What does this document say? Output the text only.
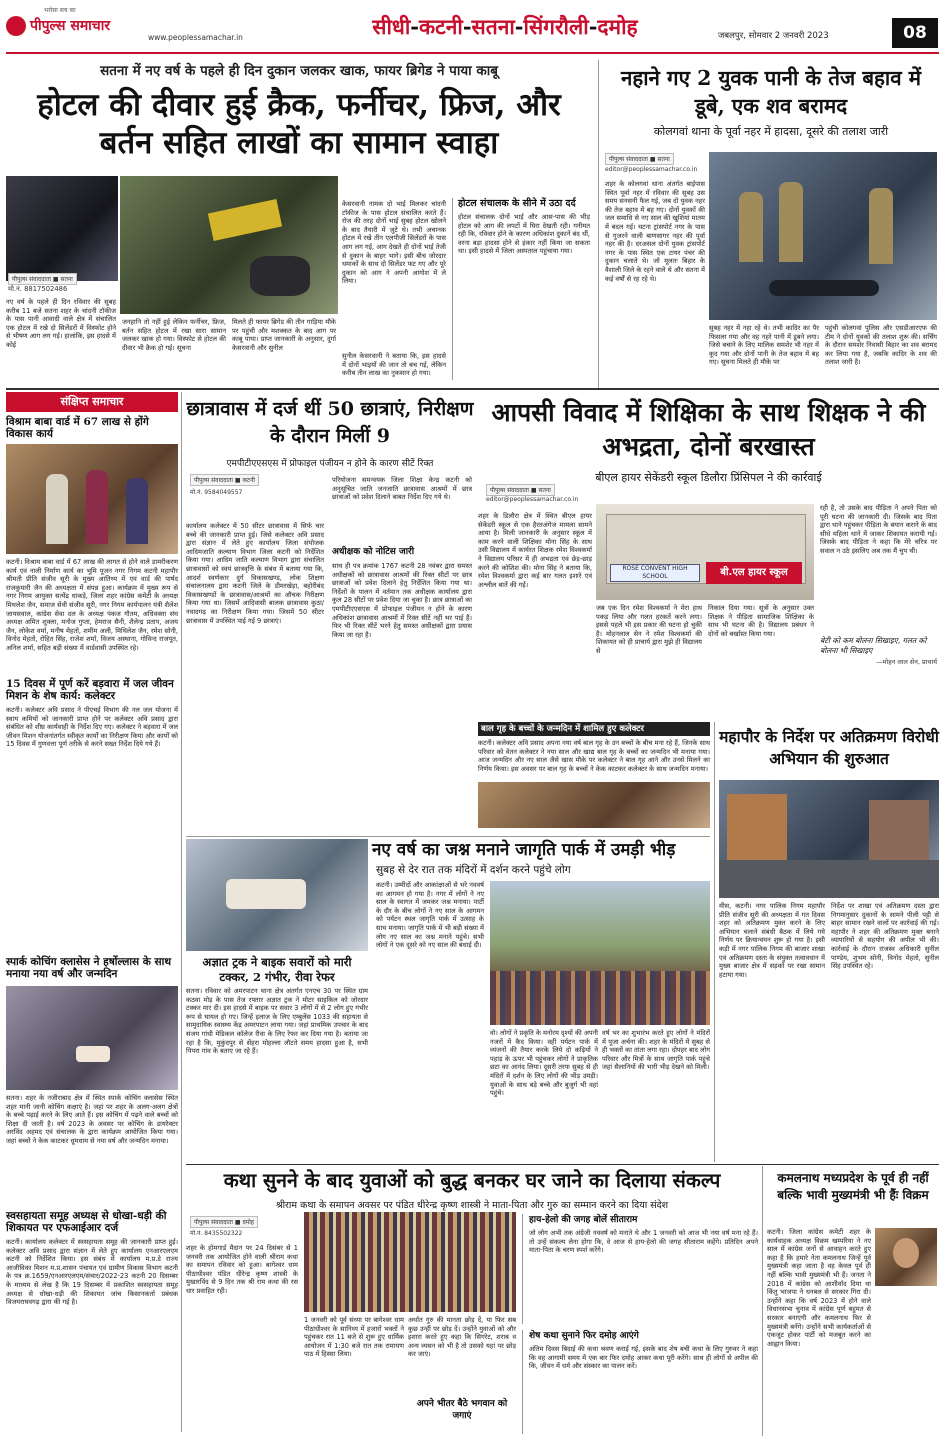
पीपुल्स समाचार
भरोसा सच का
www.peoplessamachar.in	सीधी-कटनी-सतना-सिंगरौली-दमोह	जबलपुर, सोमवार 2 जनवरी 2023	08
सतना में नए वर्ष के पहले ही दिन दुकान जलकर खाक, फायर ब्रिगेड ने पाया काबू
होटल की दीवार हुई क्रैक, फर्नीचर, फ्रिज, और बर्तन सहित लाखों का सामान स्वाहा
पीपुल्स संवाददाता ■ सतना
मो.नं. 8817502486
नए वर्ष के पहले ही दिन रविवार की सुबह करीब 11 बजे सतना शहर के चांदनी टॉकीज के पास पानी आवादी वाले क्षेत्र में संचालित एक होटल में रखे दो सिलेंडरों में विस्फोट होने से भीषण आग लग गई। हालांकि, इस हादसे में कोई
जनहानि तो नहीं हुई लेकिन फर्नीचर, फ्रिज, बर्तन सहित होटल में रखा सारा सामान जलकर खाक हो गया। विस्फोट से होटल की दीवार भी क्रैक हो गई। सूचना
मिलते ही फायर ब्रिगेड की तीन गाड़िया मौके पर पहुंची और मशक्कत के बाद आग पर काबू पाया। प्राप्त जानकारी के अनुसार, दुर्गा केसरवानी और सुनील
केसरवानी नामक दो भाई मिलकर चांदनी टॉकीज के पास होटल संचालित करते हैं। रोज की तरह दोनों भाई सुबह होटल खोलने के बाद तैयारी में जुटे थे। तभी अचानक होटल में रखे तीन एलपीजी सिलेंडरों के पास आग लग गई, आग देखते ही दोनों भाई तेजी से दुकान के बाहर भागे। इसी बीच जोरदार धमाकों के साथ दो सिलेंडर फट गए और पूरे दुकान को आग ने अपनी आगोश में ले लिया।
सुनील केसरवानी ने बताया कि, इस हादसे में दोनों भाइयों की जान तो बच गई, लेकिन करीब तीन लाख का नुकसान हो गया।
होटल संचालक के सीने में उठा दर्द
होटल संचालक दोनों भाई और आस-पास की भीड़ होटल को आग की लपटों में घिरा देखती रही। गनीमत रही कि, रविवार होने के कारण अधिकांश दुकानें बंद थीं, वरना बड़ा हादसा होने से इंकार नहीं किया जा सकता था। इसी हादसे में जिला अस्पताल पहुंचाया गया।
नहाने गए 2 युवक पानी के तेज बहाव में डूबे, एक शव बरामद
कोलगवां थाना के पूर्वा नहर में हादसा, दूसरे की तलाश जारी
पीपुल्स संवाददाता ■ सतना
editor@peoplessamachar.co.in
शहर के कोलगवां थाना अंतर्गत बाईपास स्थित पूर्वा नहर में रविवार की सुबह उस समय सनसनी फैल गई, जब दो युवक नहर की तेज बहाव में बह गए। दोनों युवकों की जल समाधि से नए साल की खुशियां मातम में बदल गई। घटना ट्रांसपोर्ट नगर के पास से गुजरने वाली बाणसागर नहर की पूर्वा नहर की है। दरअसल दोनों युवक ट्रांसपोर्ट नगर के पास स्थित एक टायर पंचर की दुकान चलाते थे। जो मूलतः बिहार के वैशाली जिले के रहने वाले थे और सतना में कई वर्षों से रह रहे थे।
सुबह नहर में नहा रहे थे। तभी कादिर का पैर फिसला गया और वह नहरे पानी में डूबने लगा। जिसे बचाने के लिए मालिक समशेर भी नहर में कूद गया और दोनों पानी के तेज बहाव में बह गए। सूचना मिलते ही मौके पर
पहुंची कोलगवां पुलिस और एसडीआरएफ की टीम ने दोनों युवकों की तलाश शुरू की। सर्चिंग के दौरान समशेर निवासी बिहार का शव बरामद कर लिया गया है, जबकि कादिर के शव की तलाश जारी है।
संक्षिप्त समाचार
विश्राम बाबा वार्ड में 67 लाख से होंगे विकास कार्य
कटनी। विश्राम बाबा वार्ड में 67 लाख की लागत से होने वाले डामरीकरण कार्य एवं नाली निर्माण कार्य का भूमि पूजन नगर निगम कटनी महापौर श्रीमती प्रीति संजीव सूरी के मुख्य आतिथ्य में एवं वार्ड की पार्षद राजकुमारी जैन की अध्यक्षता में संपन्न हुआ। कार्यक्रम में मुख्य रूप से नगर निगम आयुक्त सत्येंद्र धाकड़े, जिला शहर कांग्रेस कमेटी के अध्यक्ष मिथलेश जैन, समाज सेवी संजीव सूरी, नगर निगम कार्यपालन यंत्री शैलेश जायसवाल, कांग्रेस सेवा दल के अध्यक्ष पंकज गौतम, अधिवक्ता संघ अध्यक्ष अमित शुक्ला, मनोज गुप्ता, हेमराज सैनी, शैलेन्द्र प्रताप, अजय जैन, लोकेश वर्मा, मनीष मेहतो, शमीम अली, मिथिलेश जैन, रमेश सोनी, विनोद मेहतो, रोहित सिंह, राजेश शर्मा, विजय अस्थाना, गोविन्द राजपूत, अनिल शर्मा, सहित बड़ी संख्या में वार्डवासी उपस्थित रहे।
15 दिवस में पूर्ण करें बड़वारा में जल जीवन मिशन के शेष कार्य: कलेक्टर
कटनी। कलेक्टर अवि प्रसाद ने पीएचई विभाग की नल जल योजना में स्थाय कमियों को जानकारी प्राप्त होने पर कलेक्टर अवि प्रसाद द्वारा संबंधित को शीघ्र कार्यवाही के निर्देश दिए गए। कलेक्टर ने बड़वारा में जल जीवन मिशन योजनांतर्गत स्वीकृत कार्यों का निरीक्षण किया और कार्यों को 15 दिवस में गुणवत्ता पूर्ण तरीके से करने सख्त निर्देश दिये गये हैं।
स्पार्क कोचिंग क्लासेस ने हर्षोल्लास के साथ मनाया नया वर्ष और जन्मदिन
सतना। शहर के नजीराबाद क्षेत्र में स्थित स्पार्क कोचिंग क्लासेस स्थित शहर मानी जानी कोचिंग कक्षाएं है। जहां पर शहर के अलग-अलग क्षेत्रों के बच्चे पढ़ाई करने के लिए आते हैं। इस कोचिंग में पढ़ने वाले बच्चों को शिक्षा दी जाती है। वर्ष 2023 के अवसर पर कोचिंग के डायरेक्टर अरविंद अहमद एवं संचालक के द्वारा कार्यक्रम आयोजित किया गया। जहां बच्चों ने केक काटकर धूमधाम से नया वर्ष और जन्मदिन मनाया।
स्वसहायता समूह अध्यक्ष से धोखा-धड़ी की शिकायत पर एफआईआर दर्ज
कटनी। कार्यालय कलेक्टर में स्वसहायता समूह की जानकारी प्राप्त हुई। कलेक्टर अवि प्रसाद द्वारा संज्ञान में लेते हुए कार्यालय एनआरएलएम कटनी को निर्देशित किया। इस संबंध में कार्यालय म.प्र.डे राज्य आजीविका मिशन म.प्र.शासन पंचायत एवं ग्रामीण विकास विभाग कटनी के पत्र क्र.1659/एनआरएलएम/संचार/2022-23 कटनी 20 दिसम्बर के माध्यम से लेख है कि 19 दिसम्बर में प्रकाशित स्वसहायता समूह अध्यक्ष से धोखा-धड़ी की शिकायत जांच किसानकर्ता प्रबंधक विजयराघवगढ़ द्वारा की गई है।
छात्रावास में दर्ज थीं 50 छात्राएं, निरीक्षण के दौरान मिलीं 9
एमपीटीएएसएस में प्रोफाइल पंजीयन न होने के कारण सीटें रिक्त
पीपुल्स संवाददाता ■ कटनी
मो.नं. 9584049557
कार्यालय कलेक्टर में 50 सीटर छात्रावास में सिर्फ चार बच्चे की जानकारी प्राप्त हुई। जिसे कलेक्टर अवि प्रसाद द्वारा संज्ञान में लेते हुए कार्यालय जिला संयोजक आदिमजाति कल्याण विभाग जिला कटनी को निर्देशित किया गया। आदिम जाति कल्याण विभाग द्वारा संचालित छात्रावासों को स्वयं छात्रवृत्ति के संबंध में बताया गया कि, आदर्श स्वर्णकार दुर्ग विकासखण्ड, लोक शिक्षण संचालनालय द्वारा कटनी जिले के डीमरखेड़ा, बहोरीबंद विकासखण्डों के छात्रावास/आश्रमों का औचक निरीक्षण किया गया था। जिसमें आदिवासी बालक छात्रावास कुठा/नवादगढ़ का निरीक्षण किया गया। जिसमें 50 सीटर छात्रावास में उपस्थित पाई गई 9 छात्राएं।
परियोजना समन्वयक जिला शिक्षा केन्द्र कटनी को अनुसूचित जाति जनजाति छात्रावास आश्रमों में छात्र छात्राओं को प्रवेश दिलाने बाबत निर्देश दिए गये थे।
अधीक्षक को नोटिस जारी
साथ ही पत्र क्रमांक 1767 कटनी 28 नवंबर द्वारा समस्त अधीक्षकों को छात्रावास आश्रमों की रिक्त सीटों पर छात्र छात्राओं को प्रवेश दिलाने हेतु निर्देशित किया गया था। निर्देशों के पालन में वर्तमान तक अधीक्षक कार्यालय द्वारा कुल 28 सीटों पर प्रवेश दिया जा चुका है। छात्र छात्राओं का एमपीटीएएसएस में प्रोफाइल पंजीयन न होने के कारण अधिकांश छात्रावास आश्रमों में रिक्त सीटें नहीं भर पाई हैं। फिर भी रिक्त सीटें भरने हेतु समस्त अधीक्षकों द्वारा प्रयास किया जा रहा है।
आपसी विवाद में शिक्षिका के साथ शिक्षक ने की अभद्रता, दोनों बरखास्त
बीएल हायर सेकेंडरी स्कूल डिलौरा प्रिंसिपल ने की कार्रवाई
पीपुल्स संवाददाता ■ सतना
editor@peoplessamachar.co.in
शहर के डिलौरा क्षेत्र में स्थित बीएल हायर सेकेंडरी स्कूल से एक हैरतअंगेज मामला सामने आया है। मिली जानकारी के अनुसार स्कूल में काम करने वाली शिक्षिका मोना सिंह के साथ उसी विद्यालय में कार्यरत शिक्षक रमेश विश्वकर्मा ने विद्यालय परिसर में ही अभद्रता एवं छेड़-छाड़ करने की कोशिश की। मोना सिंह ने बताया कि, रमेश विश्वकर्मा द्वारा कई बार गलत इशारे एवं अश्लील बातें की गईं।
ROSE CONVENT HIGH SCHOOL	बी.एल हायर स्कूल
जब एक दिन रमेश विश्वकर्मा ने मेरा हाथ पकड़ लिया और गलत हरकतें करने लगा। इससे पहले भी इस प्रकार की घटना हो चुकी है। मोहनलाल सेन ने रमेश विश्वकर्मा की शिकायत को ही प्राचार्य द्वारा मुझे ही विद्यालय से
निकाल दिया गया। सूत्रों के अनुसार उक्त शिक्षक ने पीड़िता सामाजिक शिक्षिका के साथ भी घटना की है। विद्यालय प्रबंधन ने दोनों को बर्खास्त किया गया।
रही है, तो उसके बाद पीड़िता ने अपने पिता को पूरी घटना की जानकारी दी। जिसके बाद पिता द्वारा थाने पहुंचकर पीड़िता के बयान कराने के बाद सीधे महिला थाने में जाकर शिकायत करायी गई। जिसके बाद पीड़िता ने कहा कि मेरे चरित्र पर सवाल न उठे इसलिए अब तक मैं चुप थी।
बेटी को कम बोलना सिखाइए, गलत को बोलना भी सिखाइए
—मोहन लाल सेन, प्राचार्य
बाल गृह के बच्चों के जन्मदिन में शामिल हुए कलेक्टर
कटनी। कलेक्टर अवि प्रसाद अपना नया वर्ष बाल गृह के उन बच्चों के बीच मना रहे हैं, जिनके साथ परिवार को वेतन कलेक्टर ने नया साल और खाद्य बाल गृह के बच्चों का जन्मदिन भी मनाया गया। आज जन्मदिन और नए साल जैसे खास मौके पर कलेक्टर ने बाल गृह आने और उनसे मिलने का निर्णय किया। इस अवसर पर बाल गृह के बच्चों ने केक काटकर कलेक्टर के साथ जन्मदिन मनाया।
महापौर के निर्देश पर अतिक्रमण विरोधी अभियान की शुरुआत
मीस, कटनी। नगर पालिक निगम महापौर प्रीति संजीव सूरी की अध्यक्षता में गत दिवस शहर को अतिक्रमण मुक्त करने के लिए अभियान चलाने संबंधी बैठक में लिये गये निर्णय पर क्रियान्वयन शुरू हो गया है। इसी कड़ी में नगर पालिक निगम की बाजार शाखा एवं अतिक्रमण दस्ता के संयुक्त तत्वावधान में मुख्य बाजार क्षेत्र में सड़कों पर रखा सामान हटाया गया।
निर्देश पर शाखा एवं अतिक्रमण दस्ता द्वारा निगमानुसार दुकानों के सामने पीली पट्टी से बाहर सामान रखने वालों पर कार्रवाई की गई। महापौर ने शहर की अतिक्रमण मुक्त बनाने व्यापारियों से सहयोग की अपील भी की। कार्रवाई के दौरान राजस्व अधिकारी सुनील पाण्डेय, शुभम सोनी, विनोद मेहतो, सुनील सिंह उपस्थित रहे।
नए वर्ष का जश्न मनाने जागृति पार्क में उमड़ी भीड़
सुबह से देर रात तक मंदिरों में दर्शन करने पहुंचे लोग
अज्ञात ट्रक ने बाइक सवारों को मारी टक्कर, 2 गंभीर, रीवा रेफर
सतना। रविवार को अमरपाटन थाना क्षेत्र अंतर्गत एनएच 30 पर स्थित ग्राम कठवा मोड़ के पास तेज रफ्तार अज्ञात ट्रक ने मोटर साइकिल को जोरदार टक्कर मार दी। इस हादसे में बाइक पर सवार 3 लोगों में से 2 लोग हुए गंभीर रूप से घायल हो गए। जिन्हें इलाज के लिए एम्बुलेंस 1033 की सहायता से सामुदायिक स्वास्थ्य केंद्र अमरपाटन लाया गया। जहां प्राथमिक उपचार के बाद संजय गांधी मेडिकल कॉलेज रीवा के लिए रेफर कर दिया गया है। बताया जा रहा है कि, मुकुंदपुर से सेंहरा मोहल्ला लौटते समय हादसा हुआ है, सभी पिपरा गांव के बताए जा रहे हैं।
कटनी। उम्मीदों और आकांक्षाओं से भरे नववर्ष का आगमन हो गया है। नगर में लोगों ने नए साल के स्वागत में जमकर जश्न मनाया। पार्टी के दौर के बीच लोगों ने नए साल के आगमन को पर्यटन स्थल जागृति पार्क में उत्साह के साथ मनाया। जागृति पार्क में भी बड़ी संख्या में लोग नए साल का जश्न मनाने पहुंचे। सभी लोगों ने एक दूसरे को नए साल की बधाई दी।
वो। लोगों ने प्रकृति के मनोरम दृश्यों की अपनी नजरों में कैद किया। वहीं पर्यटन पार्क में व्यंजनों की तैयार करके लिये दो कढ़ियों ने पहाड़ के ऊपर भी पहुंचकर लोगों ने प्राकृतिक छटा का आनंद लिया। दूसरी तरफ सुबह से ही मंदिरों में दर्शन के लिए लोगों की भीड़ उमड़ी। युवाओं के साथ बड़े बच्चे और बुजुर्ग भी वहां पहुंचे।
वर्ष भर का शुभारंभ करते हुए लोगों ने मंदिरों में पूजा अर्चना की। शहर के मंदिरों में सुबह से ही भक्तों का तांता लगा रहा। दोपहर बाद लोग परिवार और मित्रों के साथ जागृति पार्क पहुंचे जहां सैलानियों की भारी भीड़ देखने को मिली।
कथा सुनने के बाद युवाओं को बुद्ध बनकर घर जाने का दिलाया संकल्प
श्रीराम कथा के समापन अवसर पर पंडित धीरेन्द्र कृष्ण शास्त्री ने माता-पिता और गुरु का सम्मान करने का दिया संदेश
पीपुल्स संवाददाता ■ दमोह
मो.नं. 8435502322
शहर के होमगार्ड मैदान पर 24 दिसंबर से 1 जनवरी तक आयोजित होने वाली श्रीराम कथा का समापन रविवार को हुआ। बागेश्वर धाम पीठाधीश्वर पंडित धीरेन्द्र कृष्ण शास्त्री के मुखारविंद से 9 दिन तक श्री राम कथा की रस धार प्रवाहित रही।
1 जनवरी को पूर्व संध्या पर बागेश्वर धाम पीठाधीश्वर के सानिध्य में हजारों भक्तों ने पहुंचकर रात 11 बजे से शुरू हुए धार्मिक आयोजन में 1:30 बजे रात तक रामायण पाठ में हिस्सा लिया।
अर्थात गुरु की मानता छोड़ दें, या फिर सब कुछ उन्हीं पर छोड़ दें। उन्होंने युवाओं को और इशारा करते हुए कहा कि सिगरेट, शराब व अन्य व्यसन को भी है तो उसको यहां पर छोड़ कर जाएं।
अपने भीतर बैठे भगवान को जगाएं
हाय-हेलो की जगह बोलें सीताराम
जो लोग अभी तक अंग्रेजी नववर्ष को मनाते थे और 1 जनवरी को आज भी नया वर्ष मना रहे हैं। तो उन्हें संकल्प लेना होगा कि, वे आज से हाय-हेलो की जगह सीताराम कहेंगे। प्रतिदिन अपने माता-पिता के चरण स्पर्श करेंगे।
शेष कथा सुनाने फिर दमोह आएंगे
अंतिम दिवस बिदाई की कथा श्रवण कराई गई, इसके बाद शेष बची कथा के लिए गुरुवर ने कहा कि वह आगामी समय में एक बार फिर दमोह आकर कथा पूरी करेंगे। साथ ही लोगों से अपील की कि, जीवन में धर्म और संस्कार का पालन करें।
कमलनाथ मध्यप्रदेश के पूर्व ही नहीं बल्कि भावी मुख्यमंत्री भी हैंः विक्रम
कटनी। जिला कांग्रेस कमेटी शहर के कार्यवाहक अध्यक्ष विक्रम खम्परिया ने नए साल में कांग्रेस जनों से आवाहन करते हुए कहा है कि हमारे नेता कमलनाथ जिन्हें पूर्व मुख्यमंत्री कहा जाता है वह केवल पूर्व ही नहीं बल्कि भावी मुख्यमंत्री भी हैं। जनता ने 2018 में कांग्रेस को आशीर्वाद दिया था किंतु भाजपा ने धनबल से सरकार गिरा दी। उन्होंने कहा कि वर्ष 2023 में होने वाले विधानसभा चुनाव में कांग्रेस पूर्ण बहुमत से सरकार बनाएगी और कमलनाथ फिर से मुख्यमंत्री बनेंगे। उन्होंने सभी कार्यकर्ताओं से एकजुट होकर पार्टी को मजबूत करने का आह्वान किया।
